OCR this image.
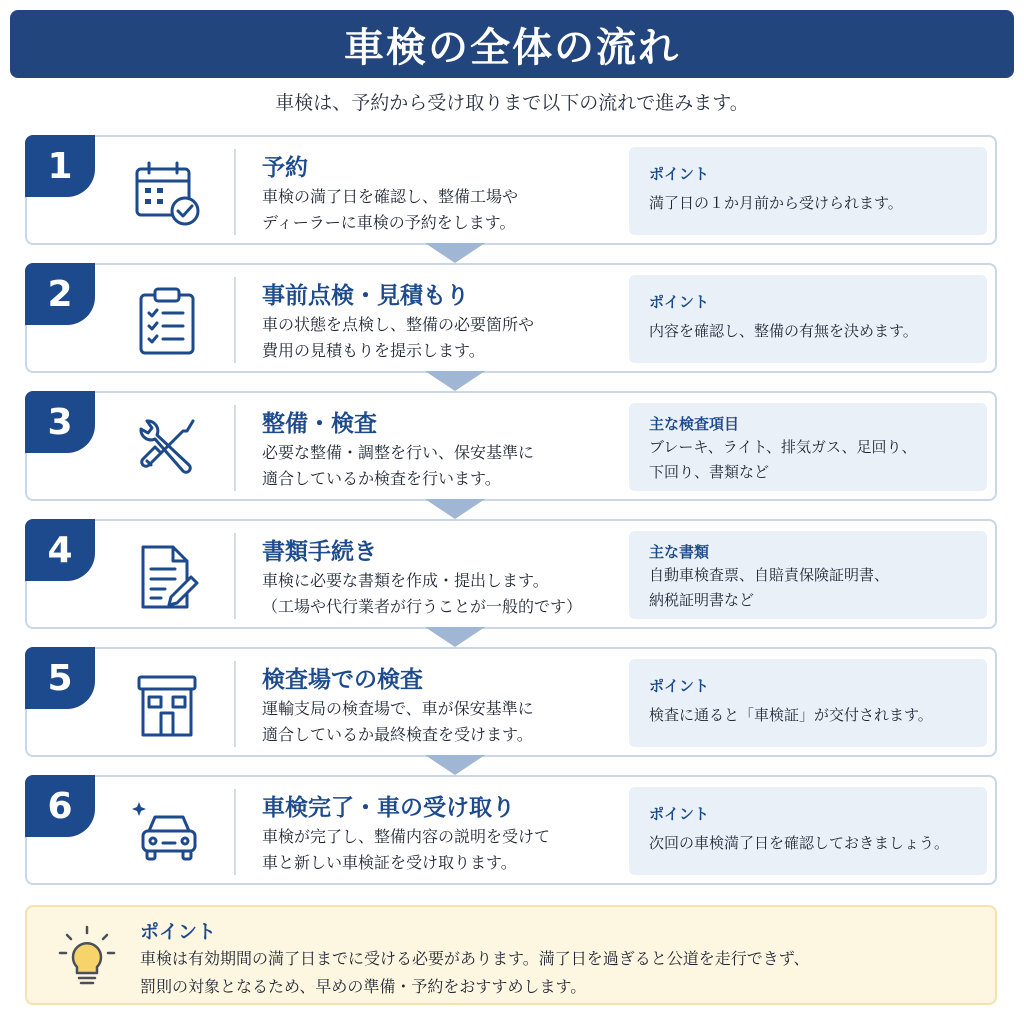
車検の全体の流れ
車検は、予約から受け取りまで以下の流れで進みます。
1	予約
車検の満了日を確認し、整備工場や
ディーラーに車検の予約をします。
ポイント
満了日の１か月前から受けられます。
2	事前点検・見積もり
車の状態を点検し、整備の必要箇所や
費用の見積もりを提示します。
ポイント
内容を確認し、整備の有無を決めます。
3	整備・検査
必要な整備・調整を行い、保安基準に
適合しているか検査を行います。
主な検査項目
ブレーキ、ライト、排気ガス、足回り、
下回り、書類など
4	書類手続き
車検に必要な書類を作成・提出します。
（工場や代行業者が行うことが一般的です）
主な書類
自動車検査票、自賠責保険証明書、
納税証明書など
5	検査場での検査
運輸支局の検査場で、車が保安基準に
適合しているか最終検査を受けます。
ポイント
検査に通ると「車検証」が交付されます。
6	車検完了・車の受け取り
車検が完了し、整備内容の説明を受けて
車と新しい車検証を受け取ります。
ポイント
次回の車検満了日を確認しておきましょう。
ポイント
車検は有効期間の満了日までに受ける必要があります。満了日を過ぎると公道を走行できず、
罰則の対象となるため、早めの準備・予約をおすすめします。
